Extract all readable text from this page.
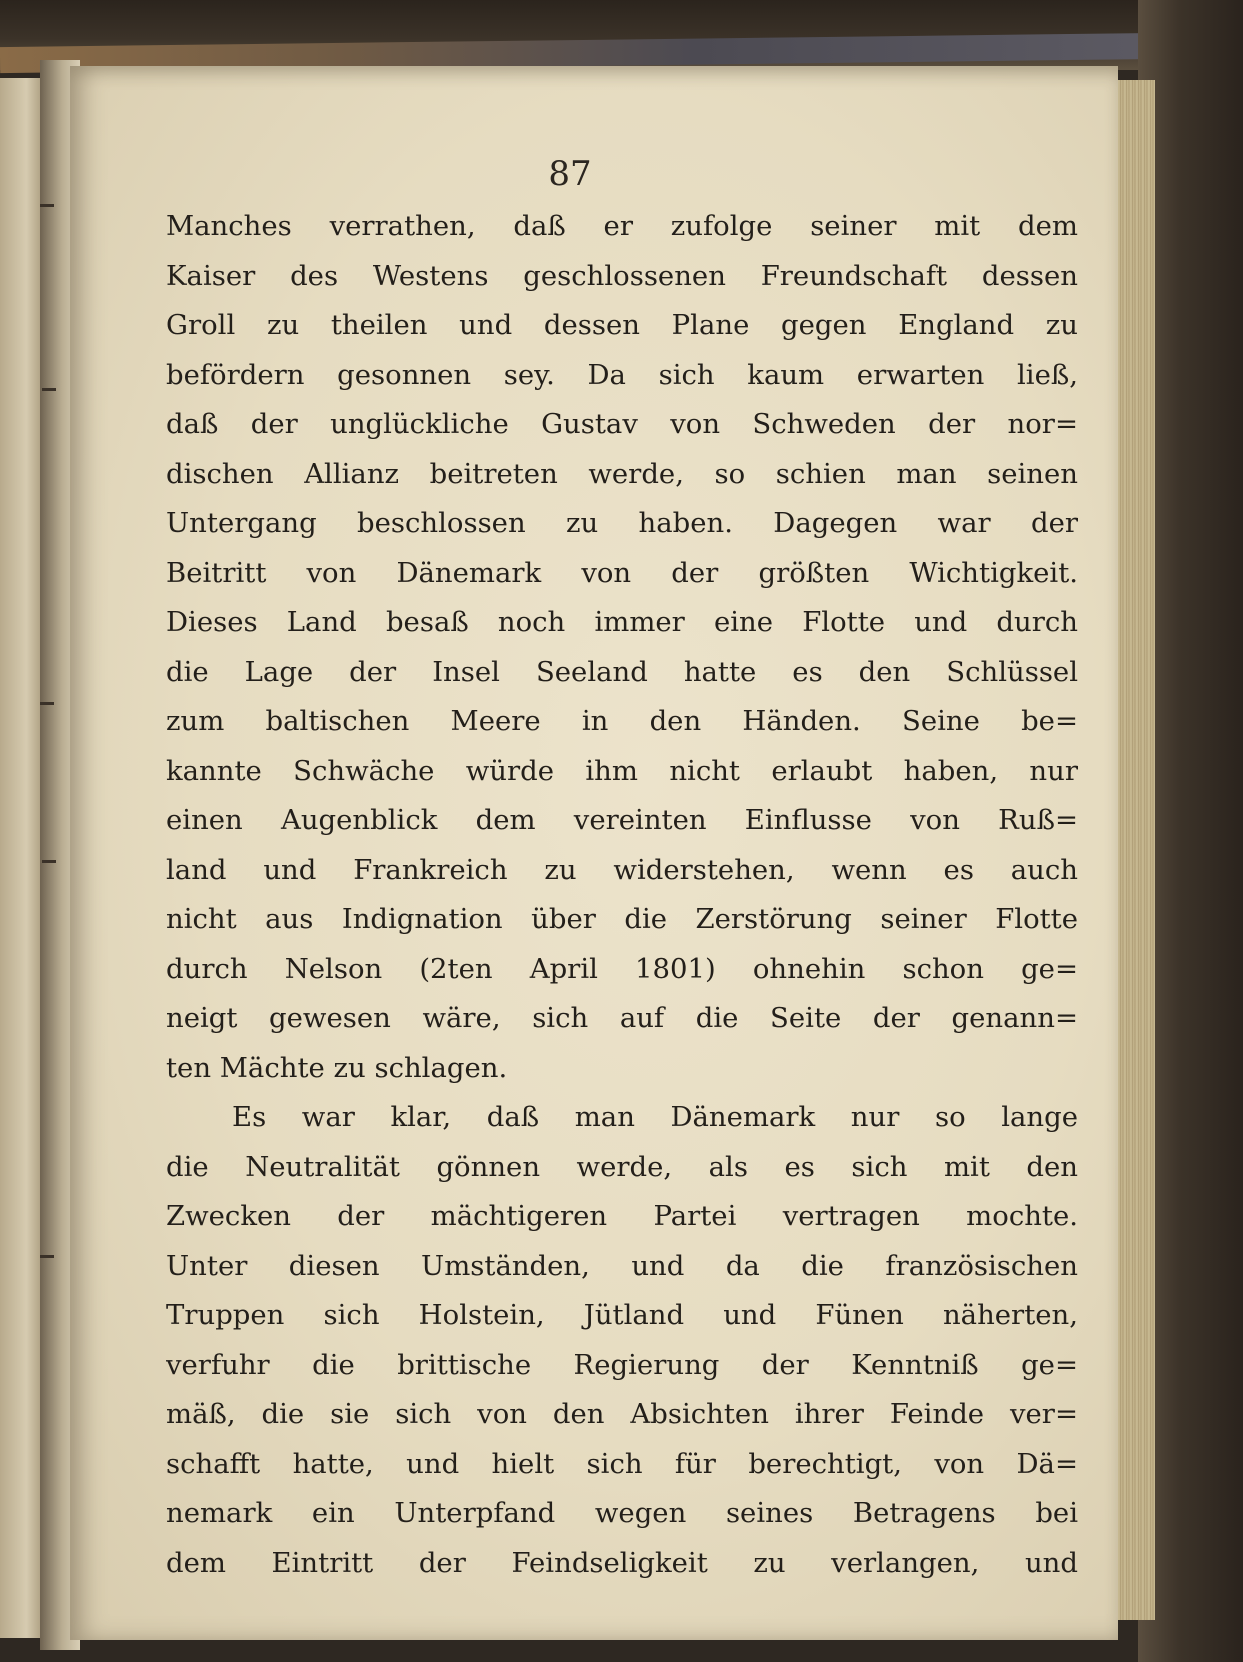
87
Manches verrathen, daß er zufolge seiner mit dem
Kaiser des Westens geschlossenen Freundschaft dessen
Groll zu theilen und dessen Plane gegen England zu
befördern gesonnen sey. Da sich kaum erwarten ließ,
daß der unglückliche Gustav von Schweden der nor=
dischen Allianz beitreten werde, so schien man seinen
Untergang beschlossen zu haben. Dagegen war der
Beitritt von Dänemark von der größten Wichtigkeit.
Dieses Land besaß noch immer eine Flotte und durch
die Lage der Insel Seeland hatte es den Schlüssel
zum baltischen Meere in den Händen. Seine be=
kannte Schwäche würde ihm nicht erlaubt haben, nur
einen Augenblick dem vereinten Einflusse von Ruß=
land und Frankreich zu widerstehen, wenn es auch
nicht aus Indignation über die Zerstörung seiner Flotte
durch Nelson (2ten April 1801) ohnehin schon ge=
neigt gewesen wäre, sich auf die Seite der genann=
ten Mächte zu schlagen.
Es war klar, daß man Dänemark nur so lange
die Neutralität gönnen werde, als es sich mit den
Zwecken der mächtigeren Partei vertragen mochte.
Unter diesen Umständen, und da die französischen
Truppen sich Holstein, Jütland und Fünen näherten,
verfuhr die brittische Regierung der Kenntniß ge=
mäß, die sie sich von den Absichten ihrer Feinde ver=
schafft hatte, und hielt sich für berechtigt, von Dä=
nemark ein Unterpfand wegen seines Betragens bei
dem Eintritt der Feindseligkeit zu verlangen, und
